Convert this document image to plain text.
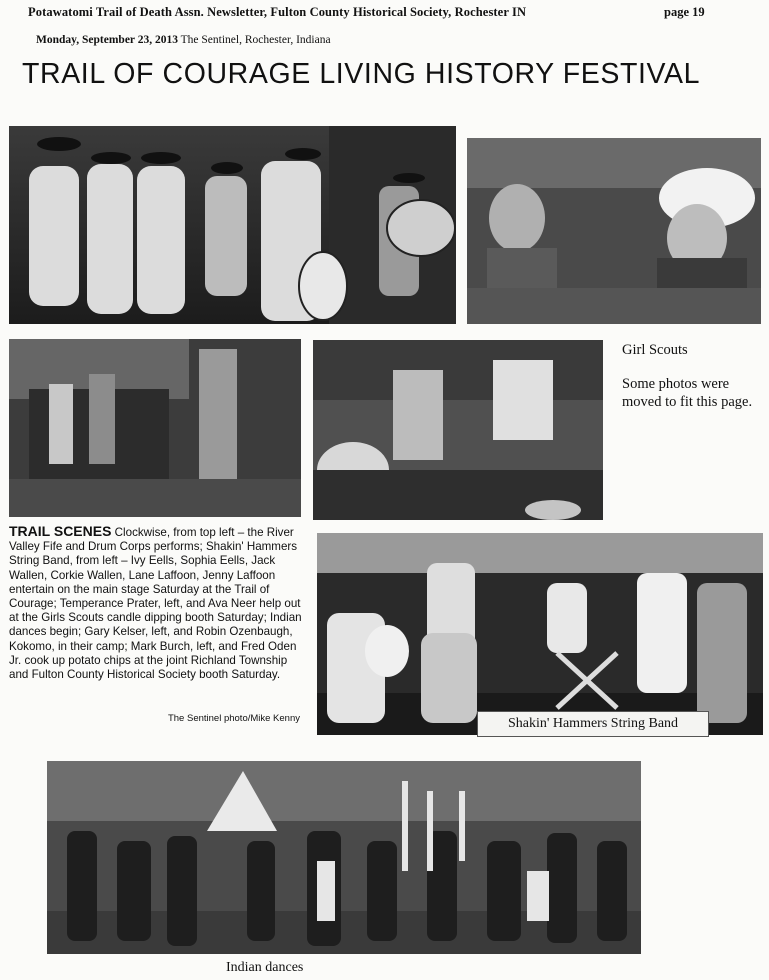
Potawatomi Trail of Death Assn. Newsletter, Fulton County Historical Society, Rochester IN	page 19
Monday, September 23, 2013 The Sentinel, Rochester, Indiana
TRAIL OF COURAGE LIVING HISTORY FESTIVAL
Girl Scouts
Some photos were moved to fit this page.
TRAIL SCENES Clockwise, from top left – the River Valley Fife and Drum Corps performs; Shakin' Hammers String Band, from left – Ivy Eells, Sophia Eells, Jack Wallen, Corkie Wallen, Lane Laffoon, Jenny Laffoon entertain on the main stage Saturday at the Trail of Courage; Temperance Prater, left, and Ava Neer help out at the Girls Scouts candle dipping booth Saturday; Indian dances begin; Gary Kelser, left, and Robin Ozenbaugh, Kokomo, in their camp; Mark Burch, left, and Fred Oden Jr. cook up potato chips at the joint Richland Township and Fulton County Historical Society booth Saturday.
The Sentinel photo/Mike Kenny	Shakin' Hammers String Band
Indian dances
